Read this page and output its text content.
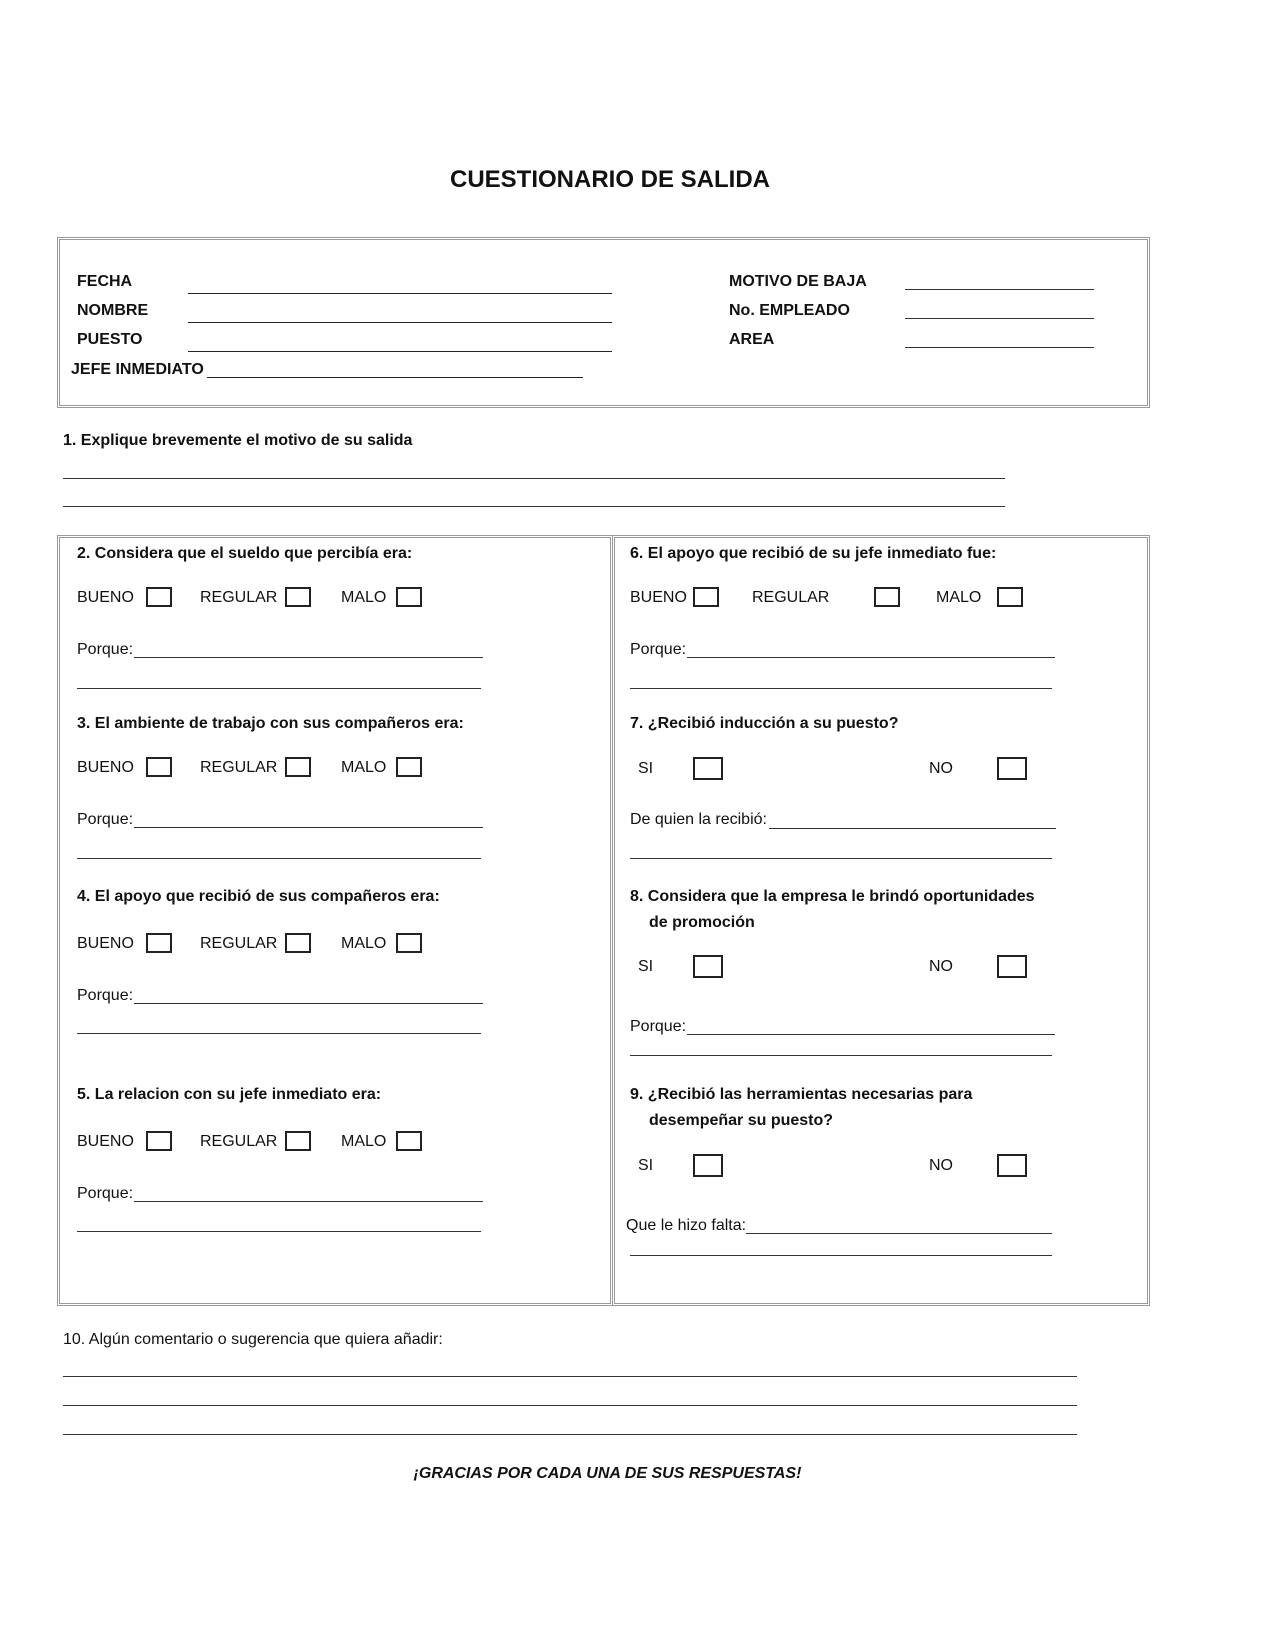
CUESTIONARIO DE SALIDA
FECHA
NOMBRE
PUESTO
JEFE INMEDIATO
MOTIVO DE BAJA
No. EMPLEADO
AREA
1. Explique brevemente el motivo de su salida
2. Considera que el sueldo que percibía era:
BUENO	REGULAR	MALO
Porque:
3. El ambiente de trabajo con sus compañeros era:
BUENO	REGULAR	MALO
Porque:
4. El apoyo que recibió de sus compañeros era:
BUENO	REGULAR	MALO
Porque:
5. La relacion con su jefe inmediato era:
BUENO	REGULAR	MALO
Porque:
6. El apoyo que recibió de su jefe inmediato fue:
BUENO	REGULAR	MALO
Porque:
7. ¿Recibió inducción a su puesto?
SI	NO
De quien la recibió:
8. Considera que la empresa le brindó oportunidades
de promoción
SI	NO
Porque:
9. ¿Recibió las herramientas necesarias para
desempeñar su puesto?
SI	NO
Que le hizo falta:
10. Algún comentario o sugerencia que quiera añadir:
¡GRACIAS POR CADA UNA DE SUS RESPUESTAS!
